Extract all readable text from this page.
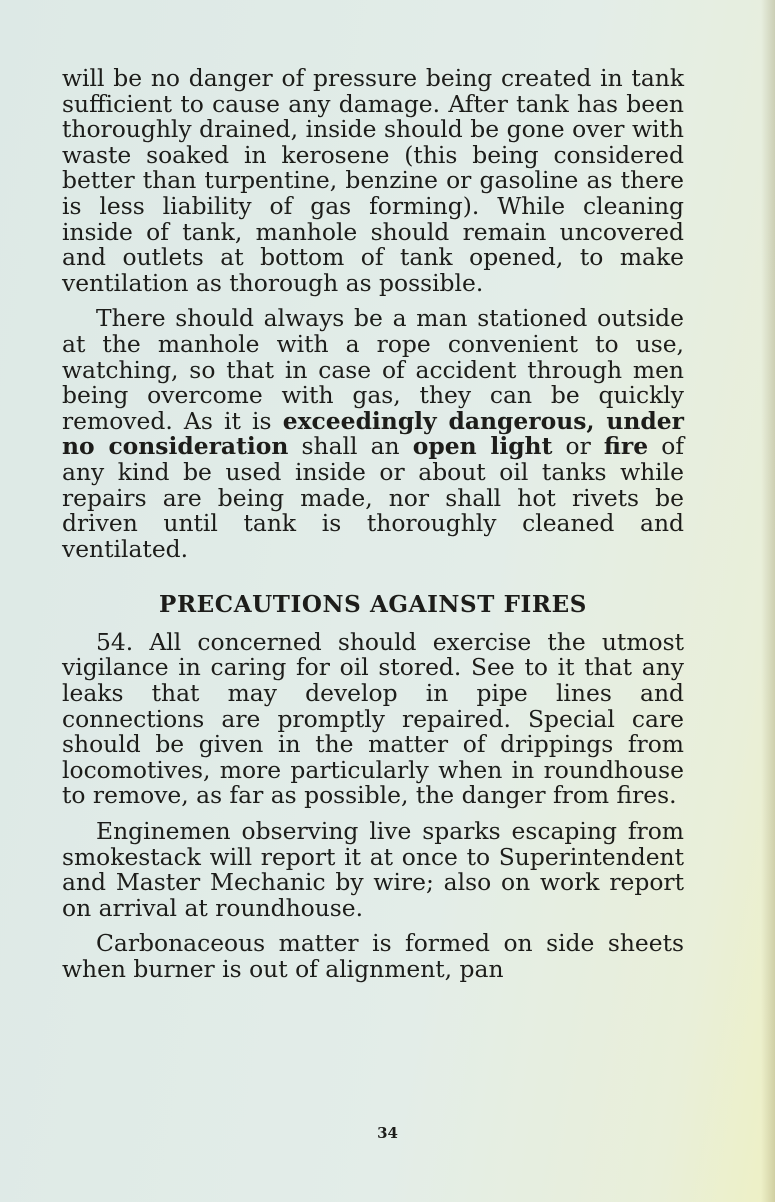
will be no danger of pressure being created in tank sufficient to cause any damage. After tank has been thoroughly drained, inside should be gone over with waste soaked in kerosene (this being considered better than turpentine, benzine or gasoline as there is less liability of gas forming). While cleaning inside of tank, manhole should remain uncovered and outlets at bottom of tank opened, to make ventilation as thorough as possible.

There should always be a man stationed outside at the manhole with a rope convenient to use, watching, so that in case of accident through men being overcome with gas, they can be quickly removed. As it is exceedingly dangerous, under no consideration shall an open light or fire of any kind be used inside or about oil tanks while repairs are being made, nor shall hot rivets be driven until tank is thoroughly cleaned and ventilated.

PRECAUTIONS AGAINST FIRES

54. All concerned should exercise the utmost vigilance in caring for oil stored. See to it that any leaks that may develop in pipe lines and connections are promptly repaired. Special care should be given in the matter of drippings from locomotives, more particularly when in roundhouse to remove, as far as possible, the danger from fires.

Enginemen observing live sparks escaping from smokestack will report it at once to Superintendent and Master Mechanic by wire; also on work report on arrival at roundhouse.

Carbonaceous matter is formed on side sheets when burner is out of alignment, pan

34
